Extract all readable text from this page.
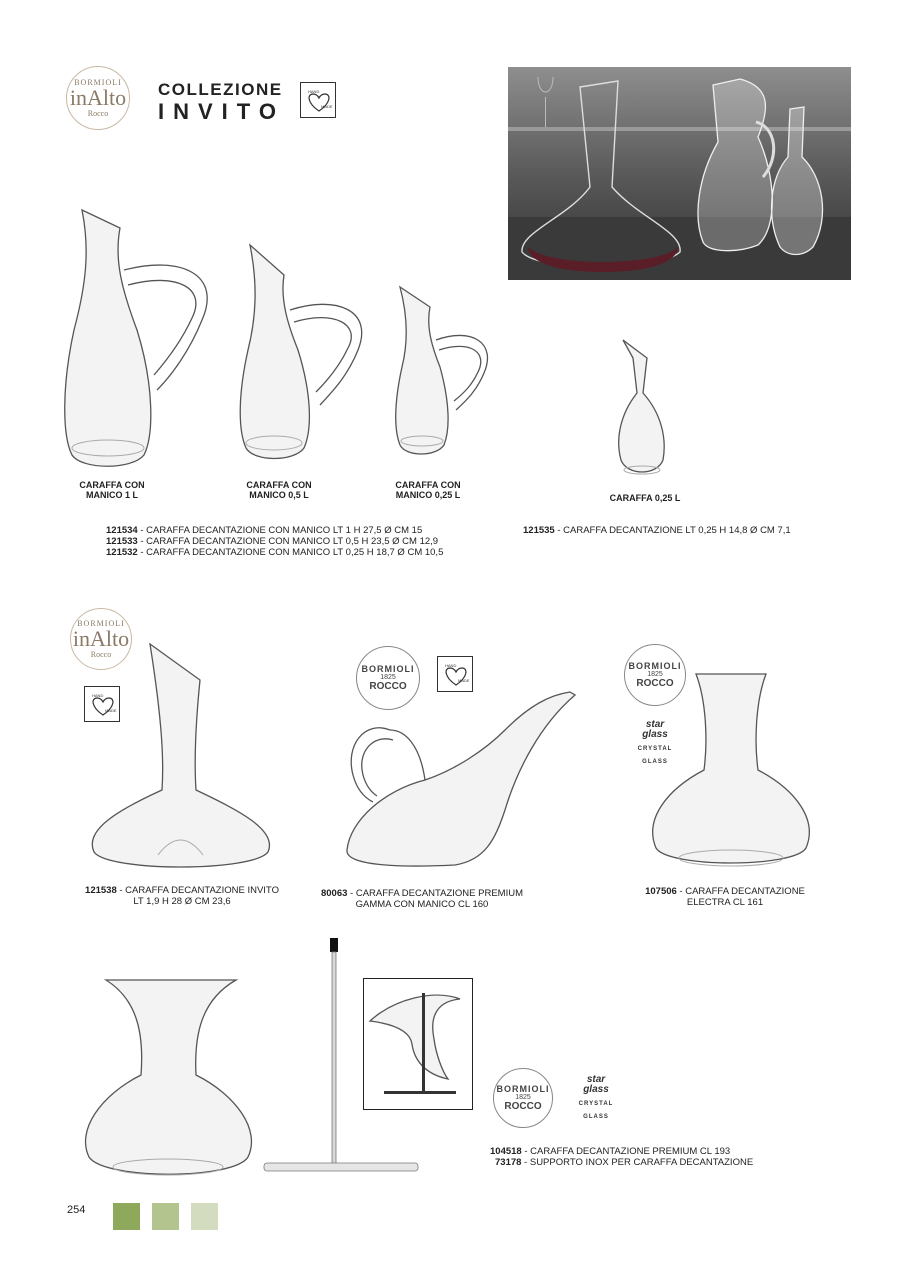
BORMIOLI
inAlto
Rocco
COLLEZIONE
INVITO
HAND
MADE
CARAFFA CON
MANICO 1 L
CARAFFA CON
MANICO 0,5 L
CARAFFA CON
MANICO 0,25 L	CARAFFA 0,25 L
121534 - CARAFFA DECANTAZIONE CON MANICO LT 1 H 27,5 Ø CM 15
121533 - CARAFFA DECANTAZIONE CON MANICO LT 0,5 H 23,5 Ø CM 12,9
121532 - CARAFFA DECANTAZIONE CON MANICO LT 0,25 H 18,7 Ø CM 10,5
121535 - CARAFFA DECANTAZIONE LT 0,25 H 14,8 Ø CM 7,1
BORMIOLI
inAlto
Rocco
HAND
MADE
BORMIOLI
1825
ROCCO
HAND
MADE
BORMIOLI
1825
ROCCO
star
glass
CRYSTAL
GLASS
121538 - CARAFFA DECANTAZIONE INVITO
LT 1,9 H 28 Ø CM 23,6
80063 - CARAFFA DECANTAZIONE PREMIUM
GAMMA CON MANICO CL 160
107506 - CARAFFA DECANTAZIONE
ELECTRA CL 161
BORMIOLI
1825
ROCCO
star
glass
CRYSTAL
GLASS
104518 - CARAFFA DECANTAZIONE PREMIUM CL 193
73178 - SUPPORTO INOX PER CARAFFA DECANTAZIONE
254
